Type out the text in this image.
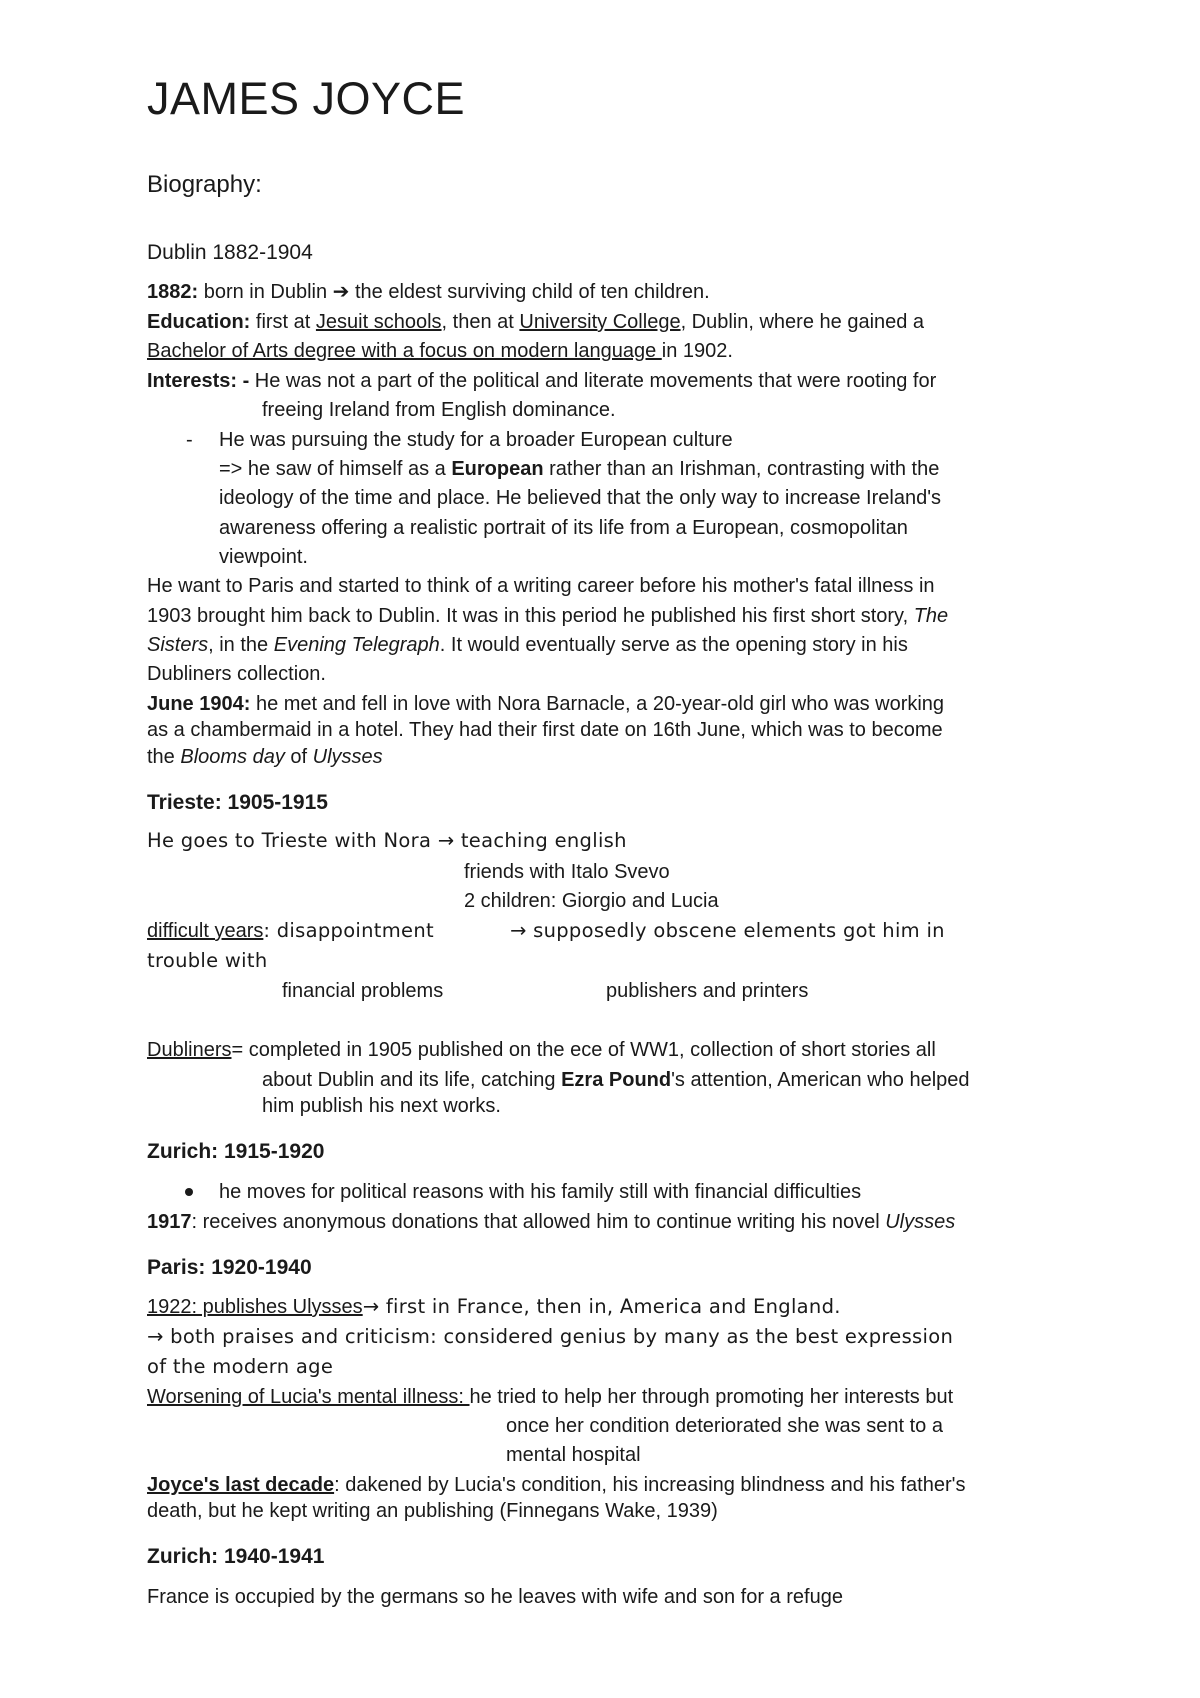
JAMES JOYCE
Biography:
Dublin 1882-1904
1882: born in Dublin ➔ the eldest surviving child of ten children.
Education: first at Jesuit schools, then at University College, Dublin, where he gained a
Bachelor of Arts degree with a focus on modern language in 1902.
Interests: - He was not a part of the political and literate movements that were rooting for
freeing Ireland from English dominance.
- He was pursuing the study for a broader European culture
=> he saw of himself as a European rather than an Irishman, contrasting with the
ideology of the time and place. He believed that the only way to increase Ireland's
awareness offering a realistic portrait of its life from a European, cosmopolitan
viewpoint.
He want to Paris and started to think of a writing career before his mother's fatal illness in
1903 brought him back to Dublin. It was in this period he published his first short story, The
Sisters, in the Evening Telegraph. It would eventually serve as the opening story in his
Dubliners collection.
June 1904: he met and fell in love with Nora Barnacle, a 20-year-old girl who was working
as a chambermaid in a hotel. They had their first date on 16th June, which was to become
the Blooms day of Ulysses
Trieste: 1905-1915
He goes to Trieste with Nora → teaching english
friends with Italo Svevo
2 children: Giorgio and Lucia
difficult years: disappointment	→ supposedly obscene elements got him in
trouble with
financial problems	publishers and printers
Dubliners= completed in 1905 published on the ece of WW1, collection of short stories all
about Dublin and its life, catching Ezra Pound's attention, American who helped
him publish his next works.
Zurich: 1915-1920
he moves for political reasons with his family still with financial difficulties
1917: receives anonymous donations that allowed him to continue writing his novel Ulysses
Paris: 1920-1940
1922: publishes Ulysses→ first in France, then in, America and England.
→ both praises and criticism: considered genius by many as the best expression
of the modern age
Worsening of Lucia's mental illness: he tried to help her through promoting her interests but
once her condition deteriorated she was sent to a
mental hospital
Joyce's last decade: dakened by Lucia's condition, his increasing blindness and his father's
death, but he kept writing an publishing (Finnegans Wake, 1939)
Zurich: 1940-1941
France is occupied by the germans so he leaves with wife and son for a refuge
